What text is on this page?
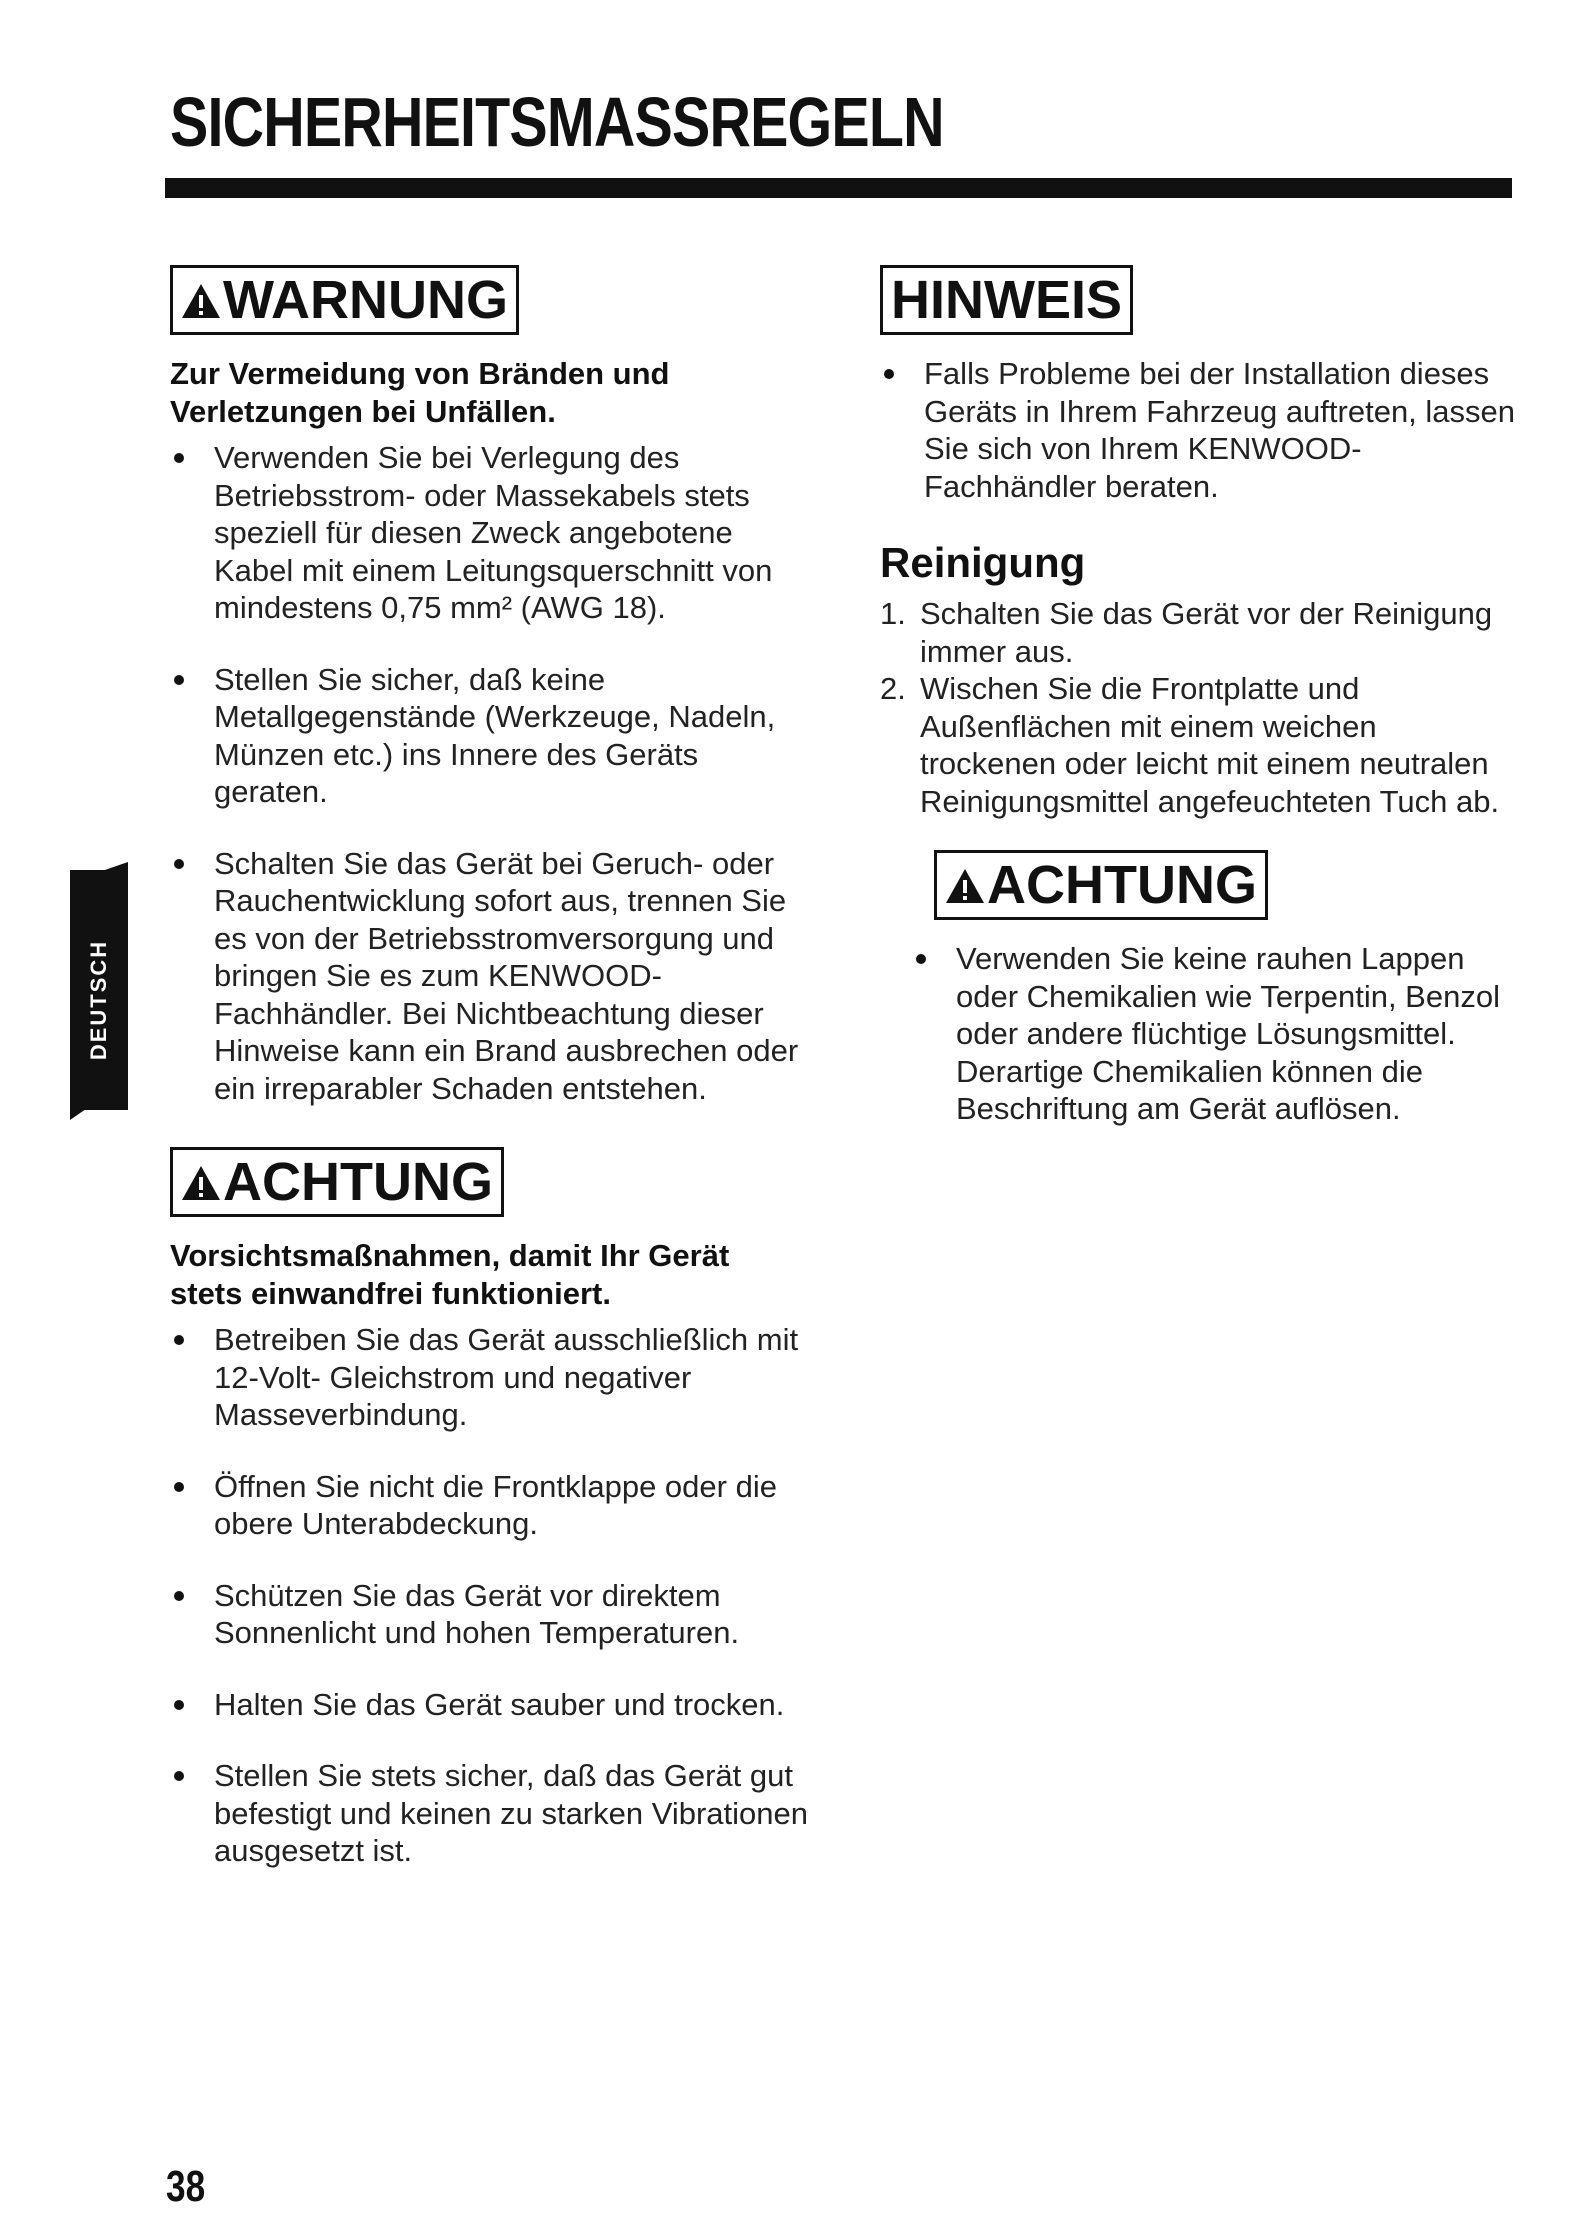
SICHERHEITSMASSREGELN
DEUTSCH
WARNUNG
Zur Vermeidung von Bränden und Verletzungen bei Unfällen.
Verwenden Sie bei Verlegung des Betriebsstrom- oder Massekabels stets speziell für diesen Zweck angebotene Kabel mit einem Leitungsquerschnitt von mindestens 0,75 mm² (AWG 18).
Stellen Sie sicher, daß keine Metallgegenstände (Werkzeuge, Nadeln, Münzen etc.) ins Innere des Geräts geraten.
Schalten Sie das Gerät bei Geruch- oder Rauchentwicklung sofort aus, trennen Sie es von der Betriebsstromversorgung und bringen Sie es zum KENWOOD-Fachhändler. Bei Nichtbeachtung dieser Hinweise kann ein Brand ausbrechen oder ein irreparabler Schaden entstehen.
ACHTUNG
Vorsichtsmaßnahmen, damit Ihr Gerät stets einwandfrei funktioniert.
Betreiben Sie das Gerät ausschließlich mit 12-Volt- Gleichstrom und negativer Masseverbindung.
Öffnen Sie nicht die Frontklappe oder die obere Unterabdeckung.
Schützen Sie das Gerät vor direktem Sonnenlicht und hohen Temperaturen.
Halten Sie das Gerät sauber und trocken.
Stellen Sie stets sicher, daß das Gerät gut befestigt und keinen zu starken Vibrationen ausgesetzt ist.
HINWEIS
Falls Probleme bei der Installation dieses Geräts in Ihrem Fahrzeug auftreten, lassen Sie sich von Ihrem KENWOOD-Fachhändler beraten.
Reinigung
1. Schalten Sie das Gerät vor der Reinigung immer aus.
2. Wischen Sie die Frontplatte und Außenflächen mit einem weichen trockenen oder leicht mit einem neutralen Reinigungsmittel angefeuchteten Tuch ab.
ACHTUNG
Verwenden Sie keine rauhen Lappen oder Chemikalien wie Terpentin, Benzol oder andere flüchtige Lösungsmittel. Derartige Chemikalien können die Beschriftung am Gerät auflösen.
38
